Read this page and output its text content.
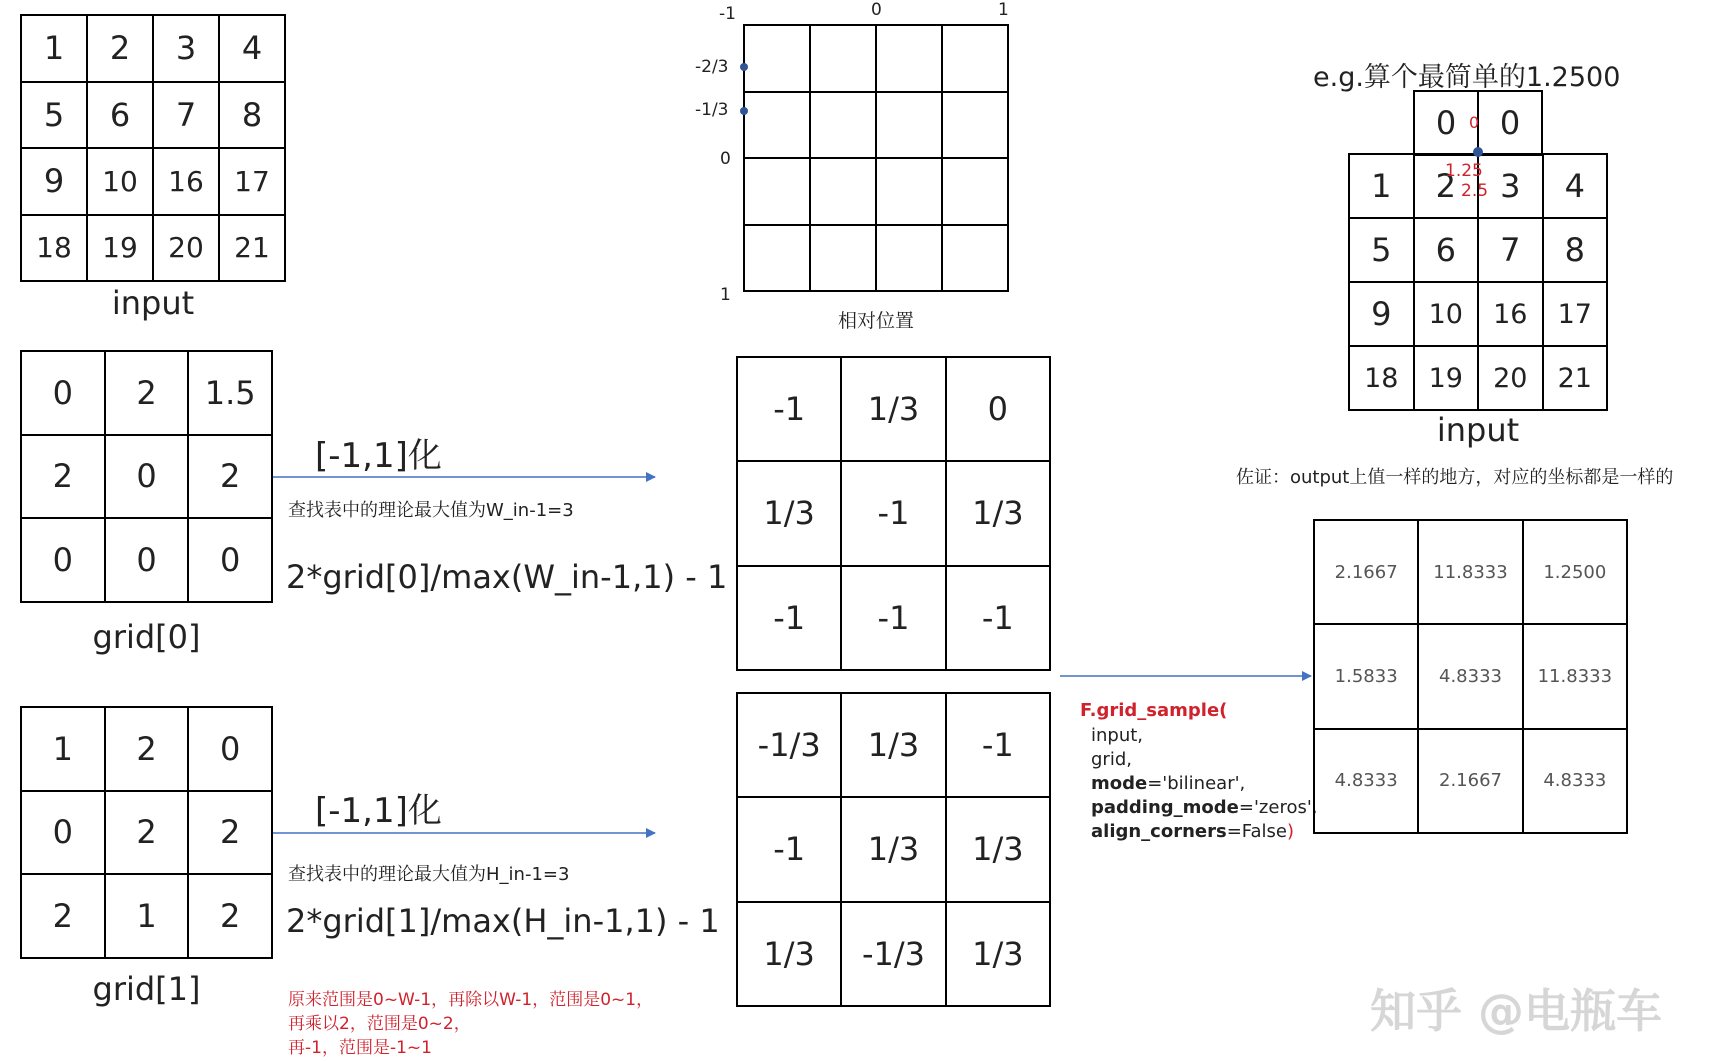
1	2	3	4
5	6	7	8
9	10	16	17
18	19	20	21
input
-1	0	1
-2/3
-1/3
0
1
相对位置
0	2	1.5
2	0	2
0	0	0
grid[0]
1	2	0
0	2	2
2	1	2
grid[1]
[-1,1]化
查找表中的理论最大值为W_in-1=3
2*grid[0]/max(W_in-1,1) - 1
[-1,1]化
查找表中的理论最大值为H_in-1=3
2*grid[1]/max(H_in-1,1) - 1
原来范围是0~W-1，再除以W-1，范围是0~1，
再乘以2，范围是0~2，
再-1，范围是-1~1
-1	1/3	0
1/3	-1	1/3
-1	-1	-1
-1/3	1/3	-1
-1	1/3	1/3
1/3	-1/3	1/3
F.grid_sample(
input,
grid,
mode='bilinear',
padding_mode='zeros',
align_corners=False)
e.g.算个最简单的1.2500
0	0
0
1	2	3	4
5	6	7	8
9	10	16	17
18	19	20	21
1.25
2.5
input
佐证：output上值一样的地方，对应的坐标都是一样的
2.1667	11.8333	1.2500
1.5833	4.8333	11.8333
4.8333	2.1667	4.8333
知乎 @电瓶车
